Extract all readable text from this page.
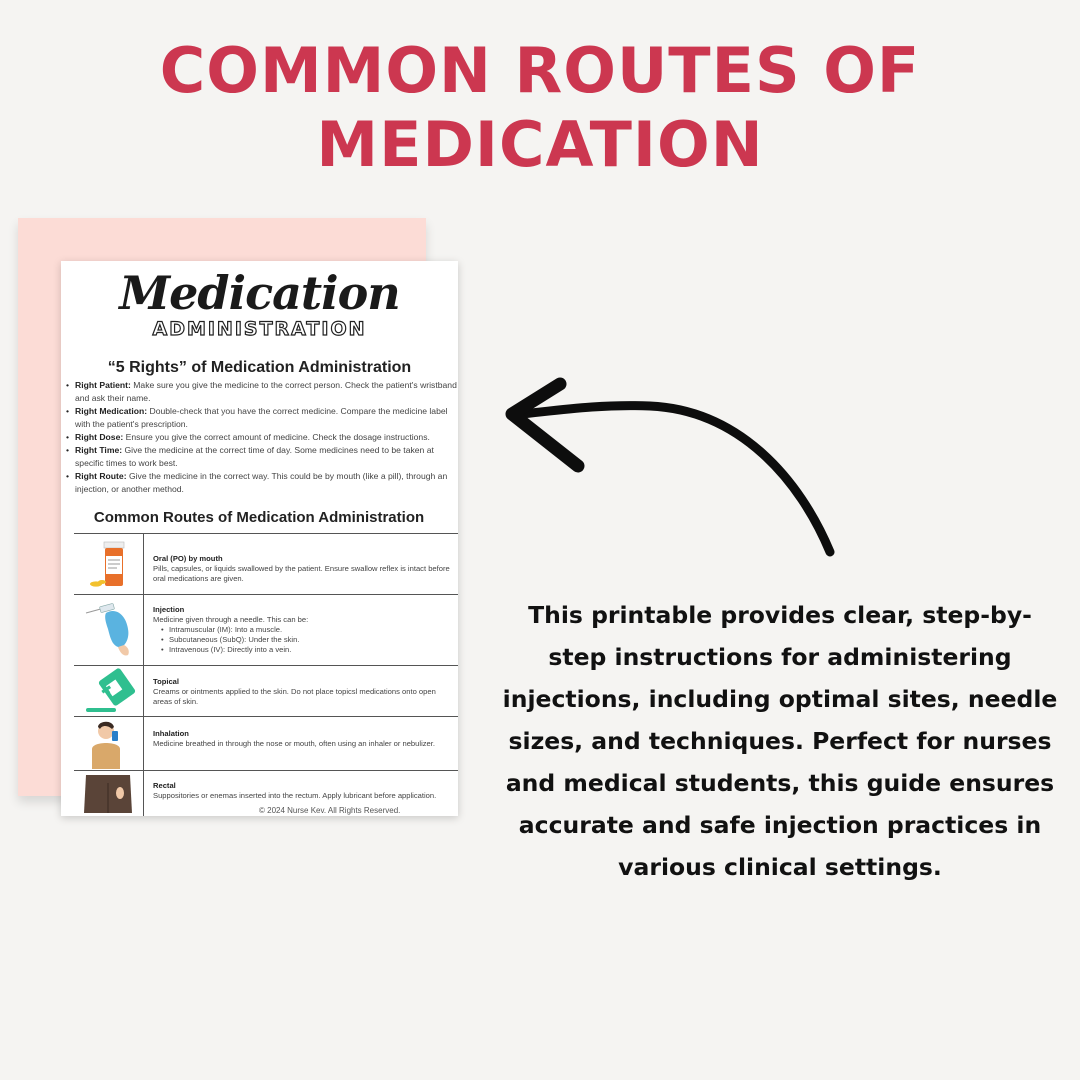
COMMON ROUTES OF
MEDICATION
Medication
ADMINISTRATION
“5 Rights” of Medication Administration
• Right Patient: Make sure you give the medicine to the correct person. Check the patient's wristband and ask their name.
• Right Medication: Double-check that you have the correct medicine. Compare the medicine label with the patient's prescription.
• Right Dose: Ensure you give the correct amount of medicine. Check the dosage instructions.
• Right Time: Give the medicine at the correct time of day. Some medicines need to be taken at specific times to work best.
• Right Route: Give the medicine in the correct way. This could be by mouth (like a pill), through an injection, or another method.
Common Routes of Medication Administration
Oral (PO) by mouth
Pills, capsules, or liquids swallowed by the patient. Ensure swallow reflex is intact before oral medications are given.
Injection
Medicine given through a needle. This can be:
• Intramuscular (IM): Into a muscle.
• Subcutaneous (SubQ): Under the skin.
• Intravenous (IV): Directly into a vein.
Topical
Creams or ointments applied to the skin. Do not place topicsl medications onto open areas of skin.
Inhalation
Medicine breathed in through the nose or mouth, often using an inhaler or nebulizer.
Rectal
Suppositories or enemas inserted into the rectum. Apply lubricant before application.
© 2024 Nurse Kev. All Rights Reserved.
This printable provides clear, step-by-step instructions for administering injections, including optimal sites, needle sizes, and techniques. Perfect for nurses and medical students, this guide ensures accurate and safe injection practices in various clinical settings.
